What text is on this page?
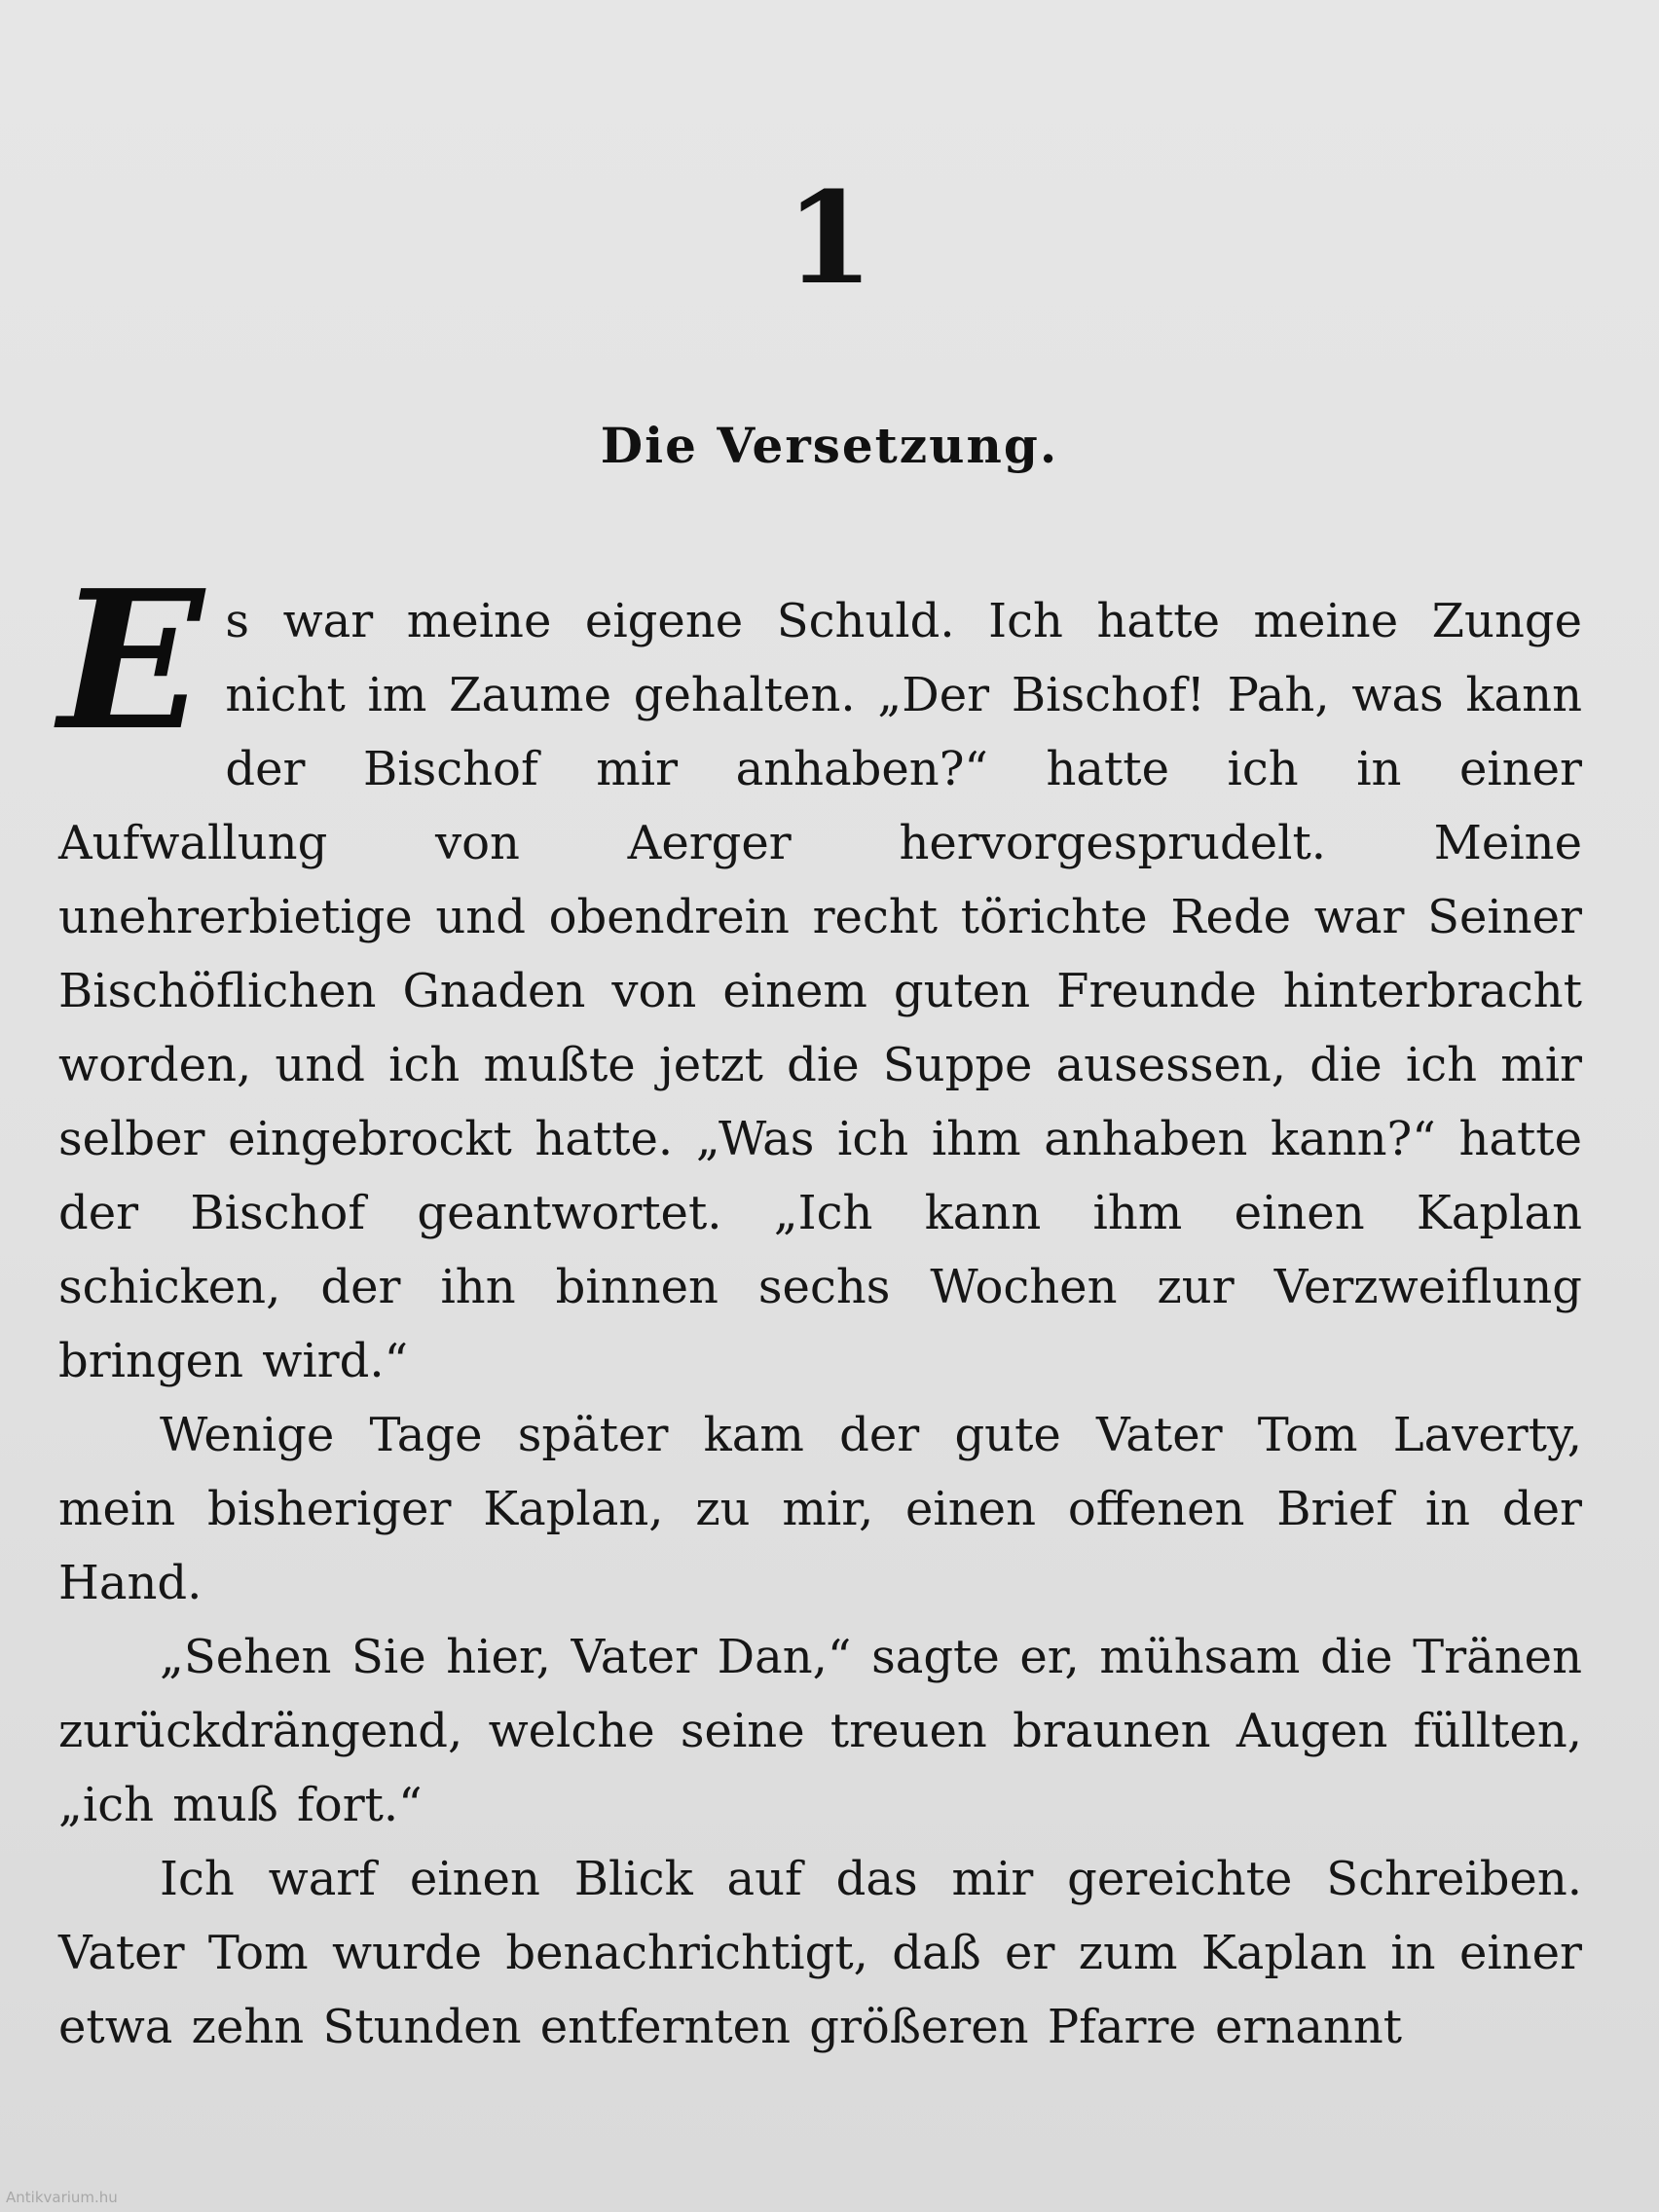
1
Die Versetzung.

Es war meine eigene Schuld. Ich hatte meine Zunge nicht im Zaume gehalten. „Der Bischof! Pah, was kann der Bischof mir anhaben?“ hatte ich in einer Aufwallung von Aerger hervorgesprudelt. Meine unehrerbietige und obendrein recht törichte Rede war Seiner Bischöflichen Gnaden von einem guten Freunde hinterbracht worden, und ich mußte jetzt die Suppe ausessen, die ich mir selber eingebrockt hatte. „Was ich ihm anhaben kann?“ hatte der Bischof geantwortet. „Ich kann ihm einen Kaplan schicken, der ihn binnen sechs Wochen zur Verzweiflung bringen wird.“

Wenige Tage später kam der gute Vater Tom Laverty, mein bisheriger Kaplan, zu mir, einen offenen Brief in der Hand.

„Sehen Sie hier, Vater Dan,“ sagte er, mühsam die Tränen zurückdrängend, welche seine treuen braunen Augen füllten, „ich muß fort.“

Ich warf einen Blick auf das mir gereichte Schreiben. Vater Tom wurde benachrichtigt, daß er zum Kaplan in einer etwa zehn Stunden entfernten größeren Pfarre ernannt

Antikvarium.hu
